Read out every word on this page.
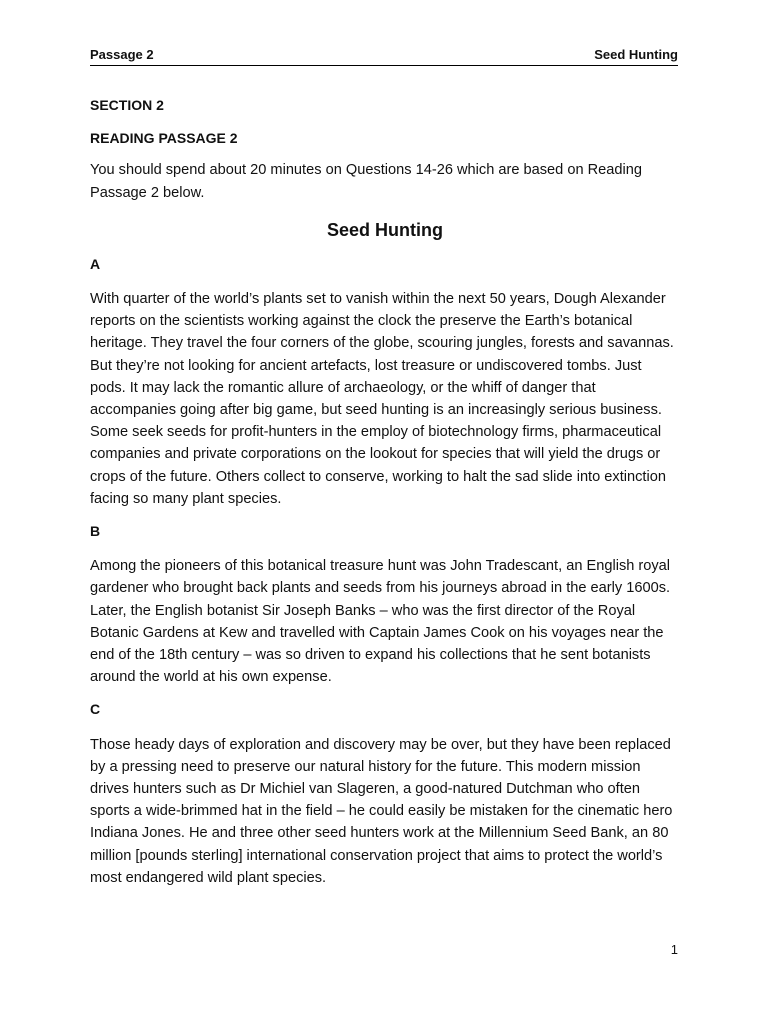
Passage 2	Seed Hunting

SECTION 2

READING PASSAGE 2

You should spend about 20 minutes on Questions 14-26 which are based on Reading Passage 2 below.

Seed Hunting

A

With quarter of the world’s plants set to vanish within the next 50 years, Dough Alexander reports on the scientists working against the clock the preserve the Earth’s botanical heritage. They travel the four corners of the globe, scouring jungles, forests and savannas. But they’re not looking for ancient artefacts, lost treasure or undiscovered tombs. Just pods. It may lack the romantic allure of archaeology, or the whiff of danger that accompanies going after big game, but seed hunting is an increasingly serious business. Some seek seeds for profit-hunters in the employ of biotechnology firms, pharmaceutical companies and private corporations on the lookout for species that will yield the drugs or crops of the future. Others collect to conserve, working to halt the sad slide into extinction facing so many plant species.

B

Among the pioneers of this botanical treasure hunt was John Tradescant, an English royal gardener who brought back plants and seeds from his journeys abroad in the early 1600s. Later, the English botanist Sir Joseph Banks – who was the first director of the Royal Botanic Gardens at Kew and travelled with Captain James Cook on his voyages near the end of the 18th century – was so driven to expand his collections that he sent botanists around the world at his own expense.

C

Those heady days of exploration and discovery may be over, but they have been replaced by a pressing need to preserve our natural history for the future. This modern mission drives hunters such as Dr Michiel van Slageren, a good-natured Dutchman who often sports a wide-brimmed hat in the field – he could easily be mistaken for the cinematic hero Indiana Jones. He and three other seed hunters work at the Millennium Seed Bank, an 80 million [pounds sterling] international conservation project that aims to protect the world’s most endangered wild plant species.

1
